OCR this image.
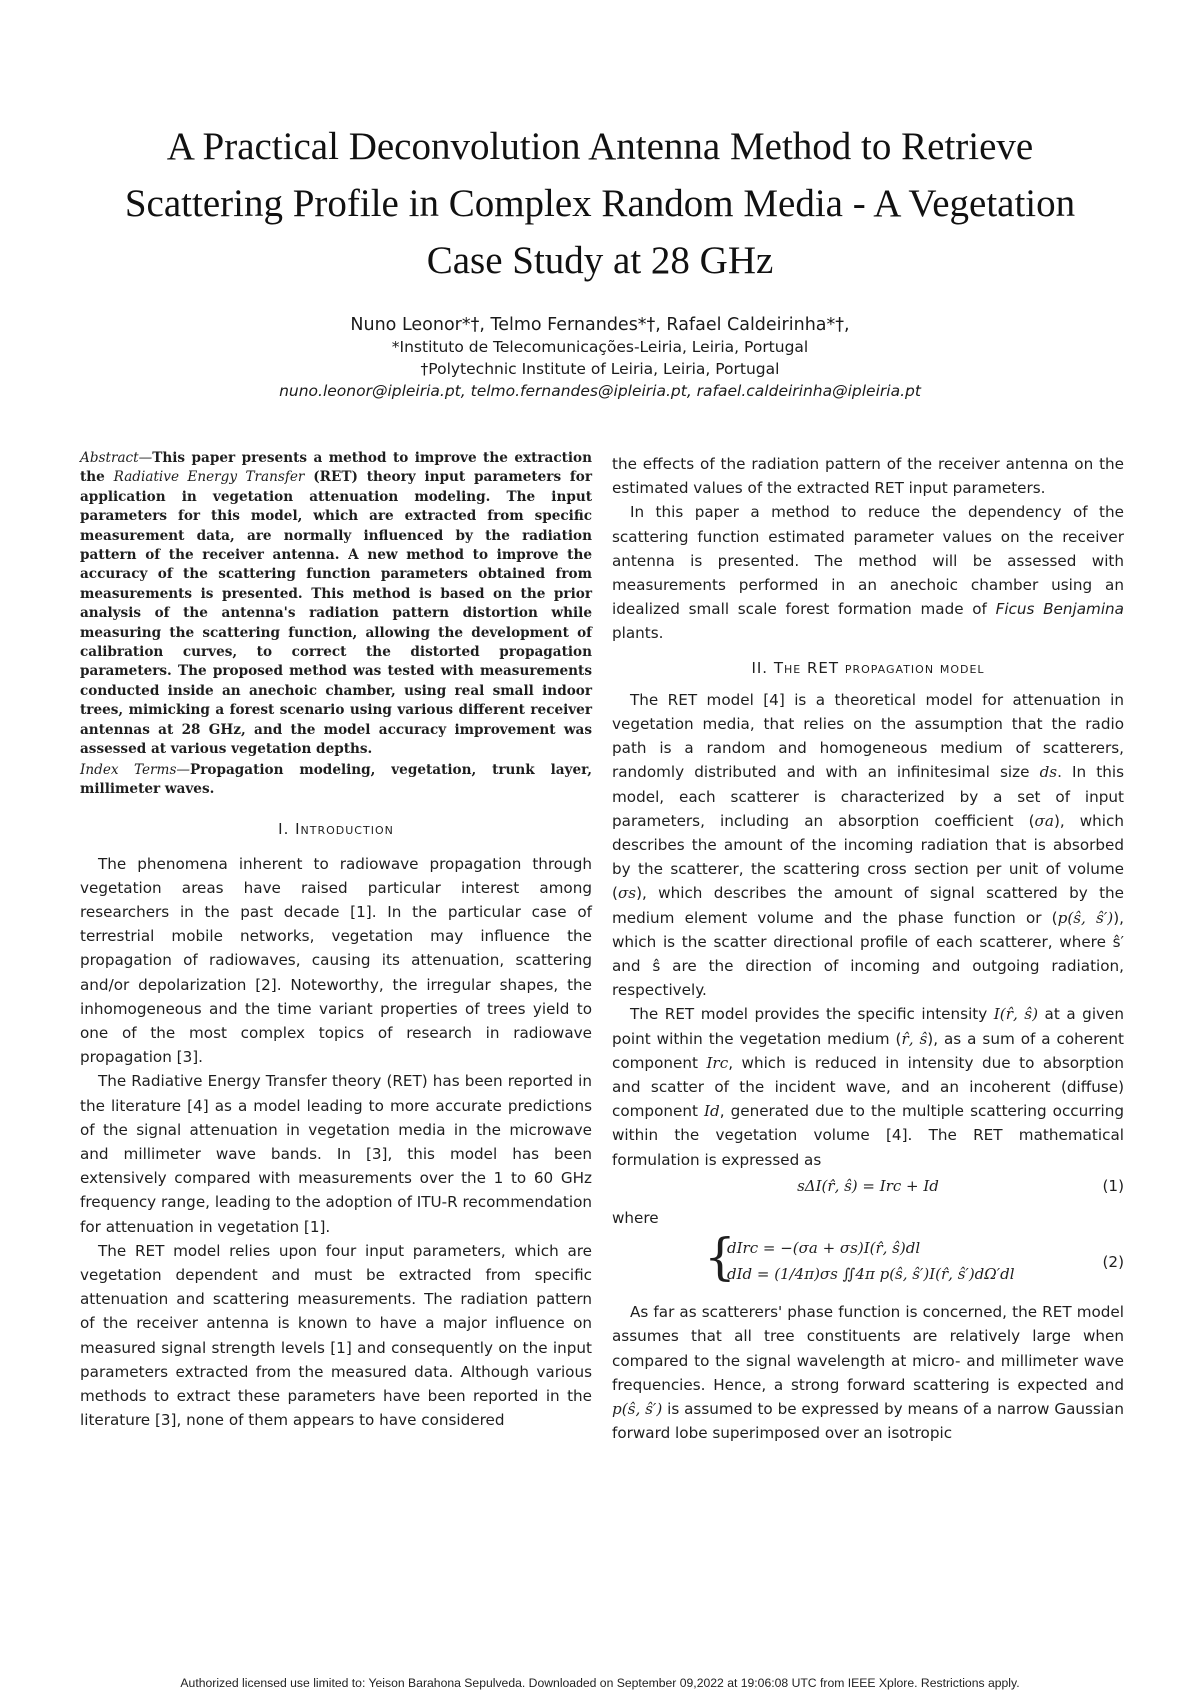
A Practical Deconvolution Antenna Method to Retrieve Scattering Profile in Complex Random Media - A Vegetation Case Study at 28 GHz
Nuno Leonor*†, Telmo Fernandes*†, Rafael Caldeirinha*†,
*Instituto de Telecomunicações-Leiria, Leiria, Portugal
†Polytechnic Institute of Leiria, Leiria, Portugal
nuno.leonor@ipleiria.pt, telmo.fernandes@ipleiria.pt, rafael.caldeirinha@ipleiria.pt

Abstract—This paper presents a method to improve the extraction the Radiative Energy Transfer (RET) theory input parameters for application in vegetation attenuation modeling. The input parameters for this model, which are extracted from specific measurement data, are normally influenced by the radiation pattern of the receiver antenna. A new method to improve the accuracy of the scattering function parameters obtained from measurements is presented. This method is based on the prior analysis of the antenna's radiation pattern distortion while measuring the scattering function, allowing the development of calibration curves, to correct the distorted propagation parameters. The proposed method was tested with measurements conducted inside an anechoic chamber, using real small indoor trees, mimicking a forest scenario using various different receiver antennas at 28 GHz, and the model accuracy improvement was assessed at various vegetation depths.

Index Terms—Propagation modeling, vegetation, trunk layer, millimeter waves.

I. Introduction

The phenomena inherent to radiowave propagation through vegetation areas have raised particular interest among researchers in the past decade [1]. In the particular case of terrestrial mobile networks, vegetation may influence the propagation of radiowaves, causing its attenuation, scattering and/or depolarization [2]. Noteworthy, the irregular shapes, the inhomogeneous and the time variant properties of trees yield to one of the most complex topics of research in radiowave propagation [3].

The Radiative Energy Transfer theory (RET) has been reported in the literature [4] as a model leading to more accurate predictions of the signal attenuation in vegetation media in the microwave and millimeter wave bands. In [3], this model has been extensively compared with measurements over the 1 to 60 GHz frequency range, leading to the adoption of ITU-R recommendation for attenuation in vegetation [1].

The RET model relies upon four input parameters, which are vegetation dependent and must be extracted from specific attenuation and scattering measurements. The radiation pattern of the receiver antenna is known to have a major influence on measured signal strength levels [1] and consequently on the input parameters extracted from the measured data. Although various methods to extract these parameters have been reported in the literature [3], none of them appears to have considered

the effects of the radiation pattern of the receiver antenna on the estimated values of the extracted RET input parameters.

In this paper a method to reduce the dependency of the scattering function estimated parameter values on the receiver antenna is presented. The method will be assessed with measurements performed in an anechoic chamber using an idealized small scale forest formation made of Ficus Benjamina plants.

II. The RET propagation model

The RET model [4] is a theoretical model for attenuation in vegetation media, that relies on the assumption that the radio path is a random and homogeneous medium of scatterers, randomly distributed and with an infinitesimal size ds. In this model, each scatterer is characterized by a set of input parameters, including an absorption coefficient (σa), which describes the amount of the incoming radiation that is absorbed by the scatterer, the scattering cross section per unit of volume (σs), which describes the amount of signal scattered by the medium element volume and the phase function or (p(ŝ, ŝ′)), which is the scatter directional profile of each scatterer, where ŝ′ and ŝ are the direction of incoming and outgoing radiation, respectively.

The RET model provides the specific intensity I(r̂, ŝ) at a given point within the vegetation medium (r̂, ŝ), as a sum of a coherent component Irc, which is reduced in intensity due to absorption and scatter of the incident wave, and an incoherent (diffuse) component Id, generated due to the multiple scattering occurring within the vegetation volume [4]. The RET mathematical formulation is expressed as

sΔI(r̂, ŝ) = Irc + Id	(1)

where

{
dIrc = −(σa + σs)I(r̂, ŝ)dl
dId = (1/4π)σs ∬4π p(ŝ, ŝ′)I(r̂, ŝ′)dΩ′dl
(2)

As far as scatterers' phase function is concerned, the RET model assumes that all tree constituents are relatively large when compared to the signal wavelength at micro- and millimeter wave frequencies. Hence, a strong forward scattering is expected and p(ŝ, ŝ′) is assumed to be expressed by means of a narrow Gaussian forward lobe superimposed over an isotropic

Authorized licensed use limited to: Yeison Barahona Sepulveda. Downloaded on September 09,2022 at 19:06:08 UTC from IEEE Xplore. Restrictions apply.
